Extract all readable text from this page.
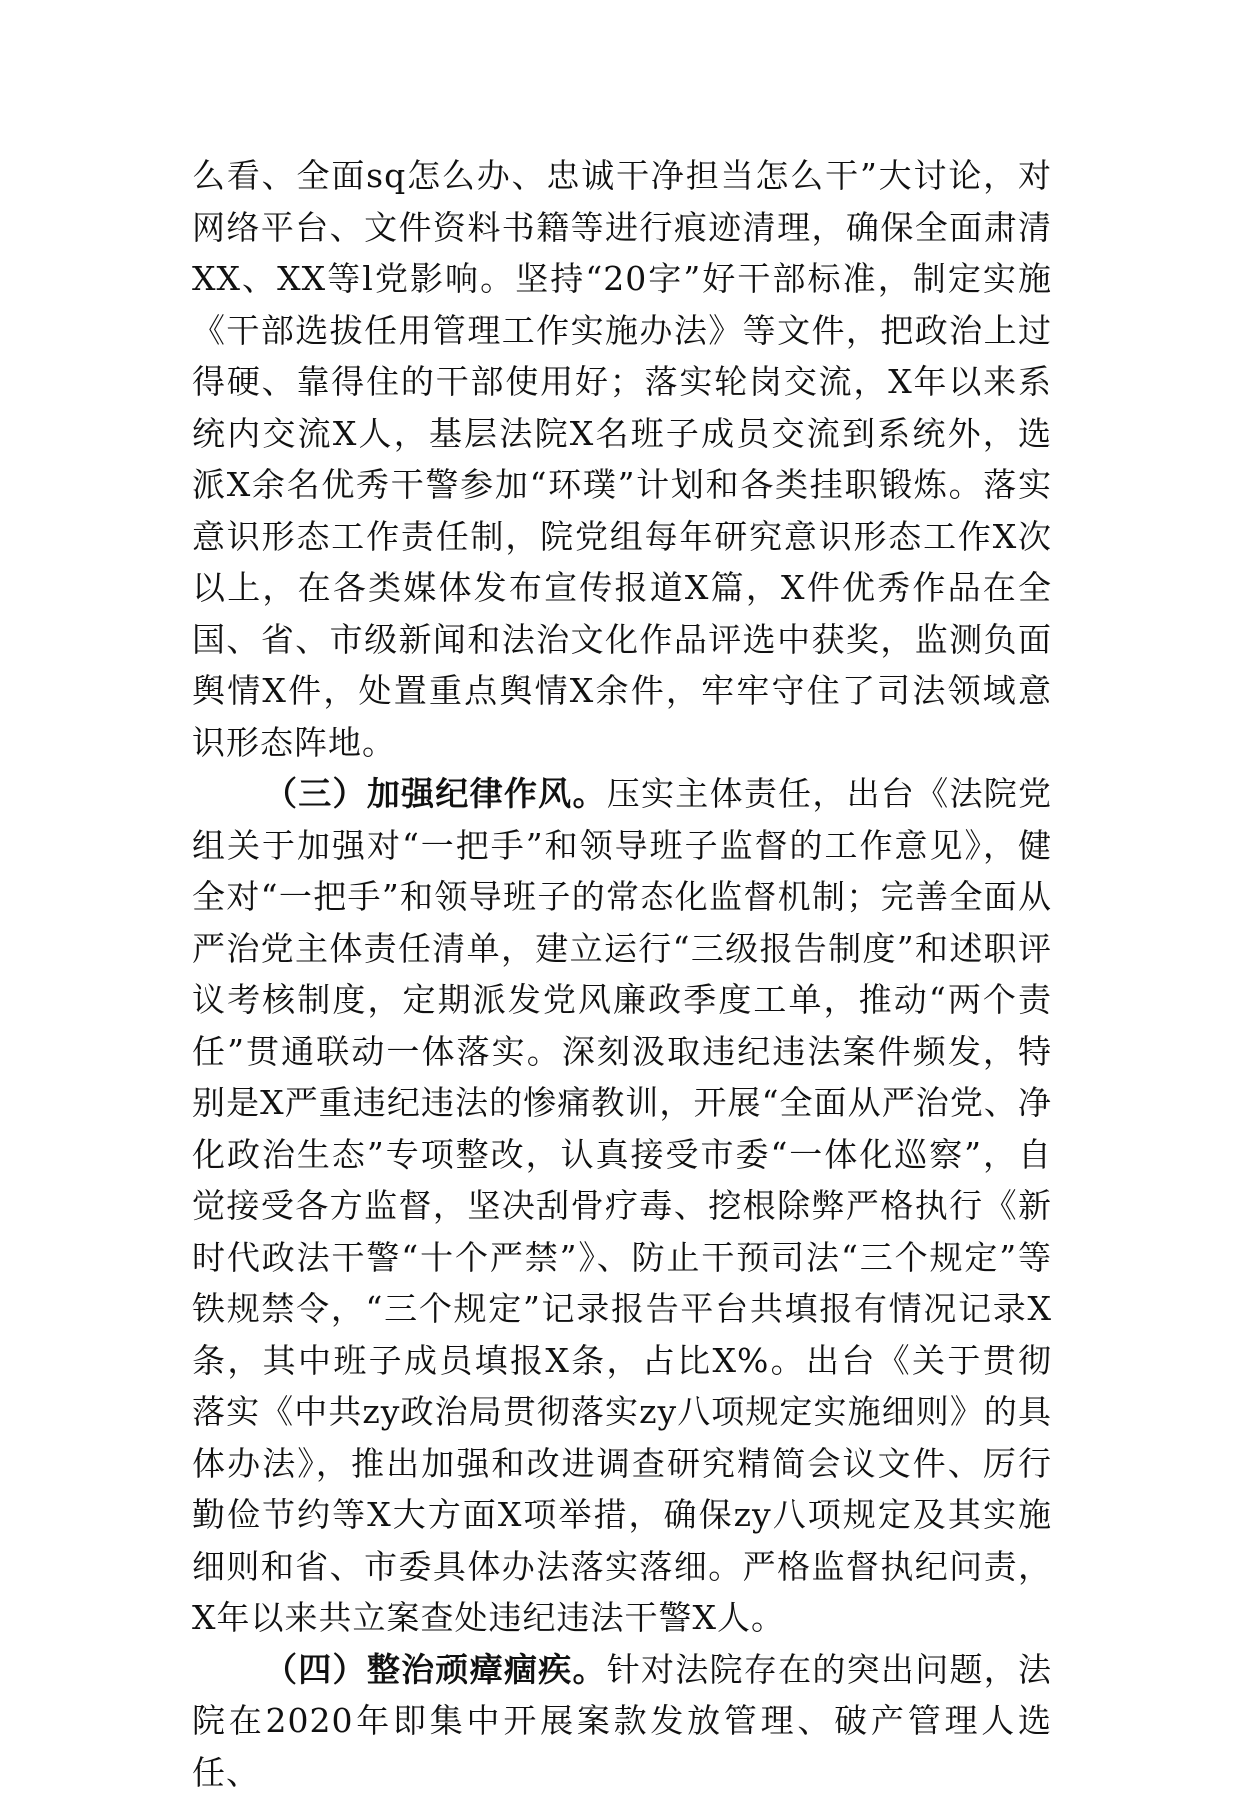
么看、全面sq怎么办、忠诚干净担当怎么干”大讨论，对网络平台、文件资料书籍等进行痕迹清理，确保全面肃清XX、XX等l党影响。坚持“20字”好干部标准，制定实施《干部选拔任用管理工作实施办法》等文件，把政治上过得硬、靠得住的干部使用好；落实轮岗交流，X年以来系统内交流X人，基层法院X名班子成员交流到系统外，选派X余名优秀干警参加“环璞”计划和各类挂职锻炼。落实意识形态工作责任制，院党组每年研究意识形态工作X次以上，在各类媒体发布宣传报道X篇，X件优秀作品在全国、省、市级新闻和法治文化作品评选中获奖，监测负面舆情X件，处置重点舆情X余件，牢牢守住了司法领域意识形态阵地。

（三）加强纪律作风。压实主体责任，出台《法院党组关于加强对“一把手”和领导班子监督的工作意见》，健全对“一把手”和领导班子的常态化监督机制；完善全面从严治党主体责任清单，建立运行“三级报告制度”和述职评议考核制度，定期派发党风廉政季度工单，推动“两个责任”贯通联动一体落实。深刻汲取违纪违法案件频发，特别是X严重违纪违法的惨痛教训，开展“全面从严治党、净化政治生态”专项整改，认真接受市委“一体化巡察”，自觉接受各方监督，坚决刮骨疗毒、挖根除弊严格执行《新时代政法干警“十个严禁”》、防止干预司法“三个规定”等铁规禁令，“三个规定”记录报告平台共填报有情况记录X条，其中班子成员填报X条，占比X%。出台《关于贯彻落实《中共zy政治局贯彻落实zy八项规定实施细则》的具体办法》，推出加强和改进调查研究精简会议文件、厉行勤俭节约等X大方面X项举措，确保zy八项规定及其实施细则和省、市委具体办法落实落细。严格监督执纪问责，X年以来共立案查处违纪违法干警X人。

（四）整治顽瘴痼疾。针对法院存在的突出问题，法院在2020年即集中开展案款发放管理、破产管理人选任、
